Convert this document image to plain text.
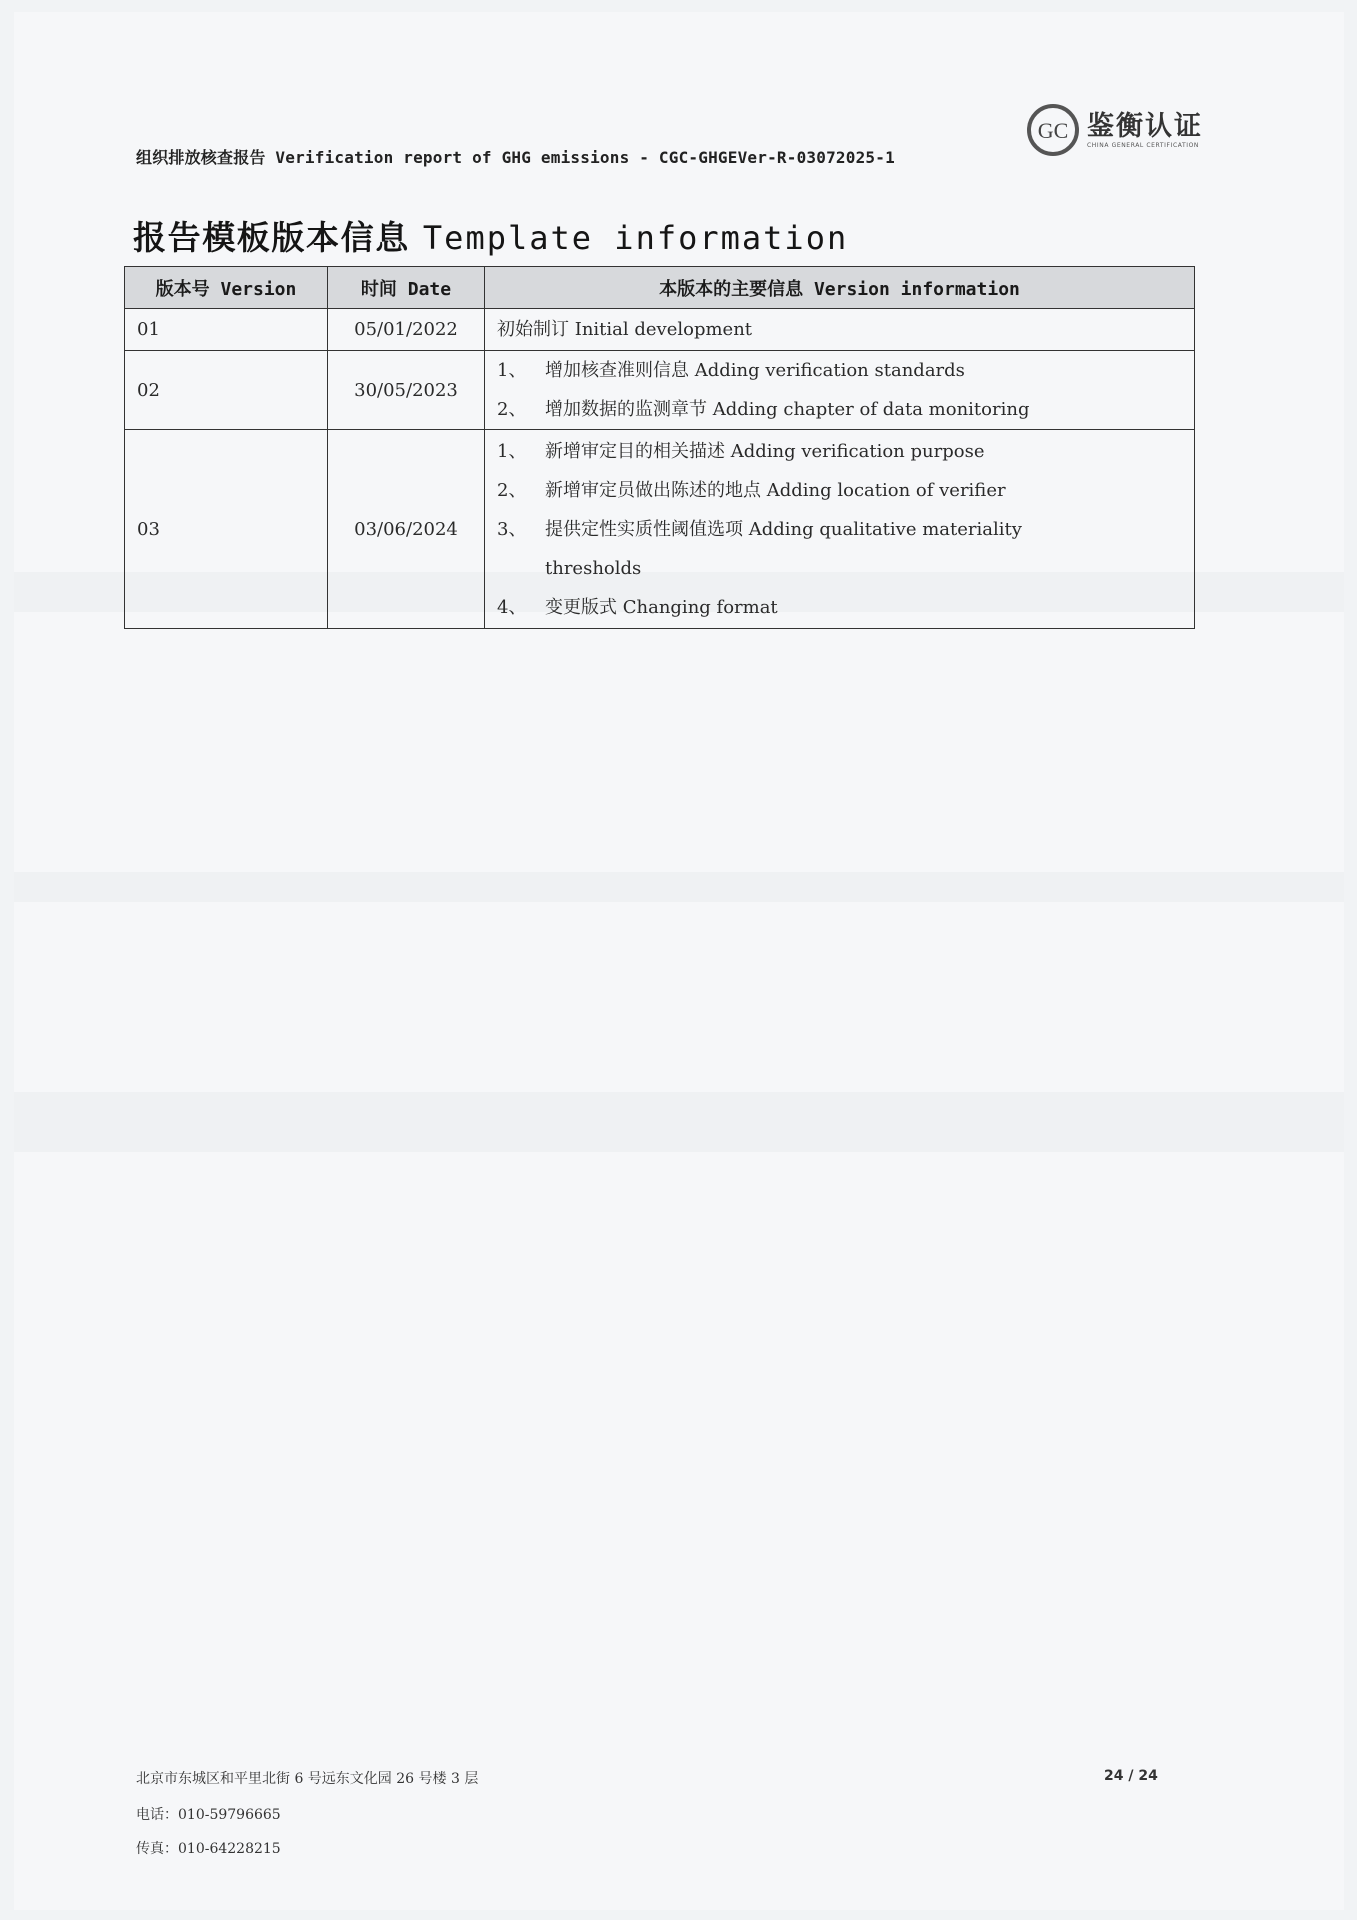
组织排放核查报告 Verification report of GHG emissions - CGC-GHGEVer-R-03072025-1
GC 鉴衡认证
CHINA GENERAL CERTIFICATION
报告模板版本信息 Template information
版本号 Version	时间 Date	本版本的主要信息 Version information
01	05/01/2022	初始制订 Initial development

02	30/05/2023	1、 增加核查准则信息 Adding verification standards
2、 增加数据的监测章节 Adding chapter of data monitoring

03	03/06/2024	1、 新增审定目的相关描述 Adding verification purpose
2、 新增审定员做出陈述的地点 Adding location of verifier
3、 提供定性实质性阈值选项 Adding qualitative materiality
thresholds
4、 变更版式 Changing format
北京市东城区和平里北街 6 号远东文化园 26 号楼 3 层
电话：010-59796665
传真：010-64228215
24 / 24
